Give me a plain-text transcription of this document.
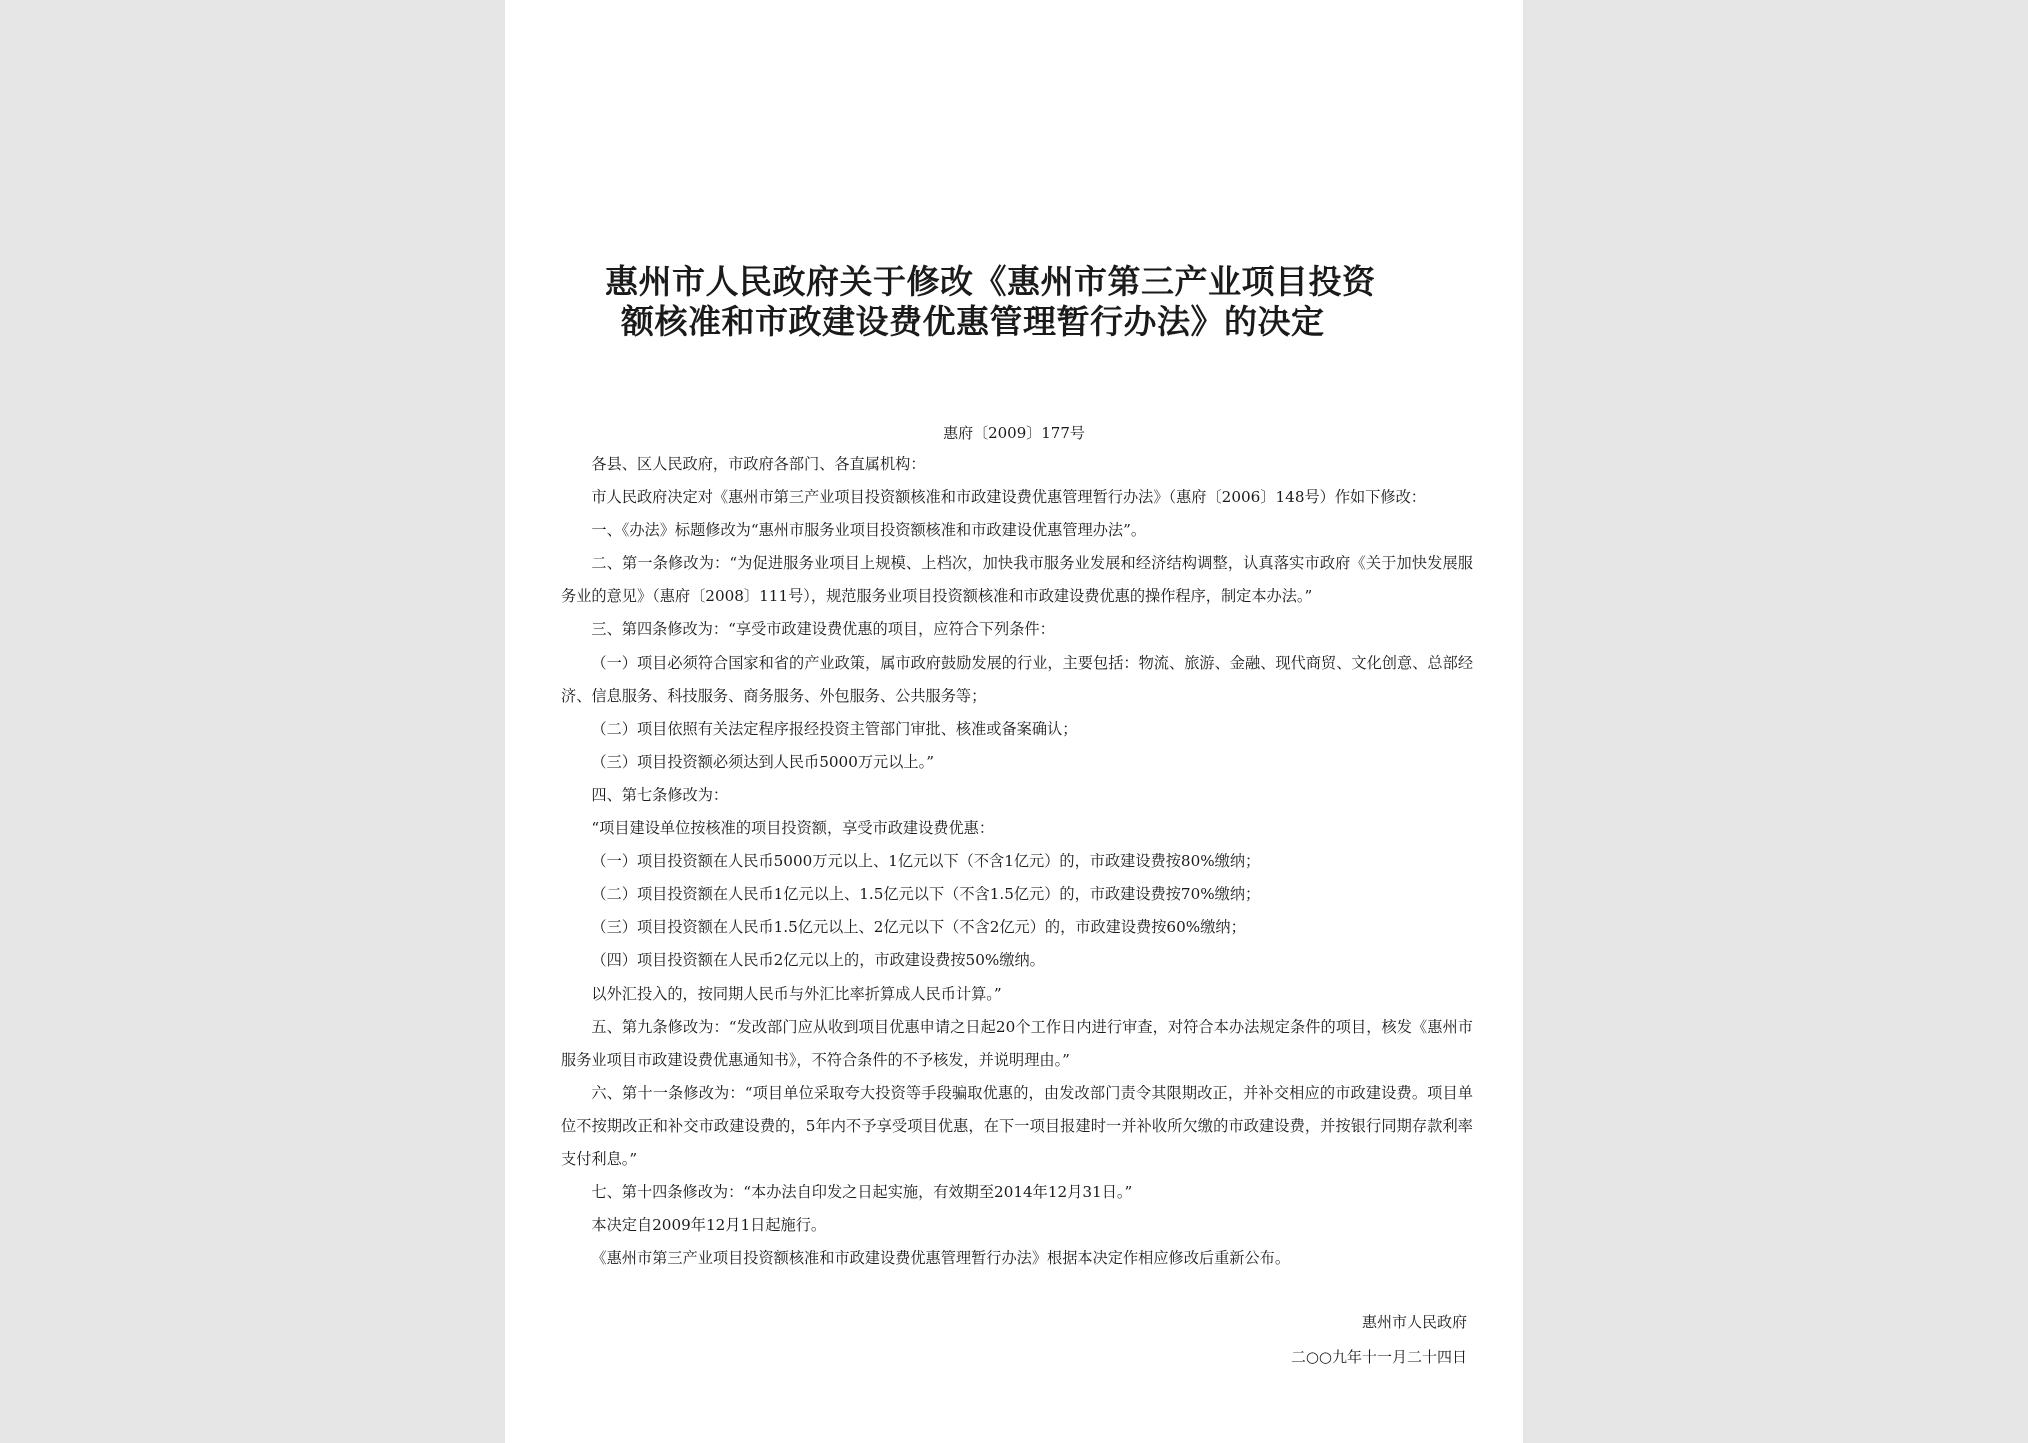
惠州市人民政府关于修改《惠州市第三产业项目投资
额核准和市政建设费优惠管理暂行办法》的决定
惠府〔2009〕177号

各县、区人民政府，市政府各部门、各直属机构：

市人民政府决定对《惠州市第三产业项目投资额核准和市政建设费优惠管理暂行办法》（惠府〔2006〕148号）作如下修改：

一、《办法》标题修改为“惠州市服务业项目投资额核准和市政建设优惠管理办法”。

二、第一条修改为：“为促进服务业项目上规模、上档次，加快我市服务业发展和经济结构调整，认真落实市政府《关于加快发展服务业的意见》（惠府〔2008〕111号），规范服务业项目投资额核准和市政建设费优惠的操作程序，制定本办法。”

三、第四条修改为：“享受市政建设费优惠的项目，应符合下列条件：

（一）项目必须符合国家和省的产业政策，属市政府鼓励发展的行业，主要包括：物流、旅游、金融、现代商贸、文化创意、总部经济、信息服务、科技服务、商务服务、外包服务、公共服务等；

（二）项目依照有关法定程序报经投资主管部门审批、核准或备案确认；

（三）项目投资额必须达到人民币5000万元以上。”

四、第七条修改为：

“项目建设单位按核准的项目投资额，享受市政建设费优惠：

（一）项目投资额在人民币5000万元以上、1亿元以下（不含1亿元）的，市政建设费按80%缴纳；

（二）项目投资额在人民币1亿元以上、1.5亿元以下（不含1.5亿元）的，市政建设费按70%缴纳；

（三）项目投资额在人民币1.5亿元以上、2亿元以下（不含2亿元）的，市政建设费按60%缴纳；

（四）项目投资额在人民币2亿元以上的，市政建设费按50%缴纳。

以外汇投入的，按同期人民币与外汇比率折算成人民币计算。”

五、第九条修改为：“发改部门应从收到项目优惠申请之日起20个工作日内进行审查，对符合本办法规定条件的项目，核发《惠州市服务业项目市政建设费优惠通知书》，不符合条件的不予核发，并说明理由。”

六、第十一条修改为：“项目单位采取夸大投资等手段骗取优惠的，由发改部门责令其限期改正，并补交相应的市政建设费。项目单位不按期改正和补交市政建设费的，5年内不予享受项目优惠，在下一项目报建时一并补收所欠缴的市政建设费，并按银行同期存款利率支付利息。”

七、第十四条修改为：“本办法自印发之日起实施，有效期至2014年12月31日。”

本决定自2009年12月1日起施行。

《惠州市第三产业项目投资额核准和市政建设费优惠管理暂行办法》根据本决定作相应修改后重新公布。

惠州市人民政府
二○○九年十一月二十四日
